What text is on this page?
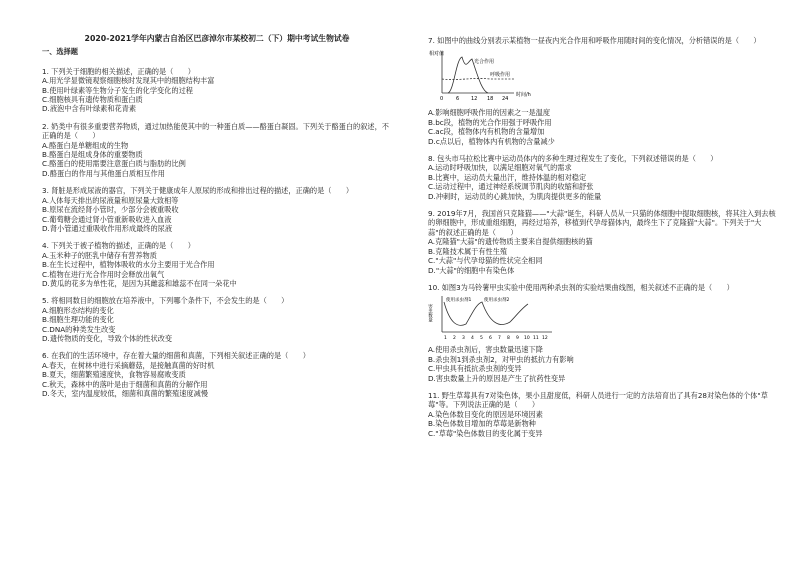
2020-2021学年内蒙古自治区巴彦淖尔市某校初二（下）期中考试生物试卷
一、选择题
1. 下列关于细胞的相关描述，正确的是（　　）
A.用光学显微镜观察细胞核时发现其中的细胞结构丰富
B.使用叶绿素等生物分子发生的化学变化的过程
C.细胞核具有遗传物质和蛋白质
D.液泡中含有叶绿素和花青素
2. 奶类中有很多重要营养物质，通过加热能使其中的一种蛋白质——酪蛋白凝固。下列关于酪蛋白的叙述，不正确的是（　　）
A.酪蛋白是单糖组成的生物
B.酪蛋白是组成身体的重要物质
C.酪蛋白的使用需要注意蛋白质与脂肪的比例
D.酪蛋白的作用与其他蛋白质相互作用
3. 肾脏是形成尿液的器官，下列关于健康成年人原尿的形成和排出过程的描述，正确的是（　　）
A.人体每天排出的尿液量和原尿量大致相等
B.原尿在流经肾小管时，少部分会被重吸收
C.葡萄糖会通过肾小管重新吸收进入血液
D.肾小管通过重吸收作用形成最终的尿液
4. 下列关于被子植物的描述，正确的是（　　）
A.玉米种子的胚乳中储存有营养物质
B.在生长过程中，植物体吸收的水分主要用于光合作用
C.植物在进行光合作用时会释放出氧气
D.黄瓜的花多为单性花，是因为其雌蕊和雄蕊不在同一朵花中
5. 将相同数目的细胞放在培养液中，下列哪个条件下，不会发生的是（　　）
A.细胞形态结构的变化
B.细胞生理功能的变化
C.DNA的种类发生改变
D.遗传物质的变化，导致个体的性状改变
6. 在我们的生活环境中，存在着大量的细菌和真菌，下列相关叙述正确的是（　　）
A.春天，在树林中进行采摘蘑菇，是接触真菌的好时机
B.夏天，细菌繁殖速度快，食物容易腐败变质
C.秋天，森林中的落叶是由于细菌和真菌的分解作用
D.冬天，室内温度较低，细菌和真菌的繁殖速度减慢
7. 如图中的曲线分别表示某植物一昼夜内光合作用和呼吸作用随时间的变化情况，分析错误的是（　　）
相对值
时间/h
光合作用
呼吸作用
0	6 12 18 24
A.影响细胞呼吸作用的因素之一是温度
B.bc段，植物的光合作用强于呼吸作用
C.ac段，植物体内有机物的含量增加
D.c点以后，植物体内有机物的含量减少
8. 包头市马拉松比赛中运动员体内的多种生理过程发生了变化，下列叙述错误的是（　　）
A.运动时呼吸加快，以满足细胞对氧气的需求
B.比赛中，运动员大量出汗，维持体温的相对稳定
C.运动过程中，通过神经系统调节肌肉的收缩和舒张
D.冲刺时，运动员的心跳加快，为肌肉提供更多的能量
9. 2019年7月，我国首只克隆猫——"大蒜"诞生，科研人员从一只猫的体细胞中提取细胞核，将其注入到去核的卵细胞中，形成重组细胞，再经过培养，移植到代孕母猫体内，最终生下了克隆猫"大蒜"。下列关于"大蒜"的叙述正确的是（　　）
A.克隆猫"大蒜"的遗传物质主要来自提供细胞核的猫
B.克隆技术属于有性生殖
C."大蒜"与代孕母猫的性状完全相同
D."大蒜"的细胞中有染色体
10. 如图3为马铃薯甲虫实验中使用两种杀虫剂的实验结果曲线图，相关叙述不正确的是（　　）
害虫数量
使用杀虫剂1	使用杀虫剂2
1 2 3 4 5 6 7 8 9 10 11 12
A.使用杀虫剂后，害虫数量迅速下降
B.杀虫剂1到杀虫剂2，对甲虫的抵抗力有影响
C.甲虫具有抵抗杀虫剂的变异
D.害虫数量上升的原因是产生了抗药性变异
11. 野生草莓具有7对染色体，果小且甜度低，科研人员进行一定的方法培育出了具有28对染色体的个体"草莓"等。下列说法正确的是（　　）
A.染色体数目变化的原因是环境因素
B.染色体数目增加的草莓是新物种
C."草莓"染色体数目的变化属于变异
